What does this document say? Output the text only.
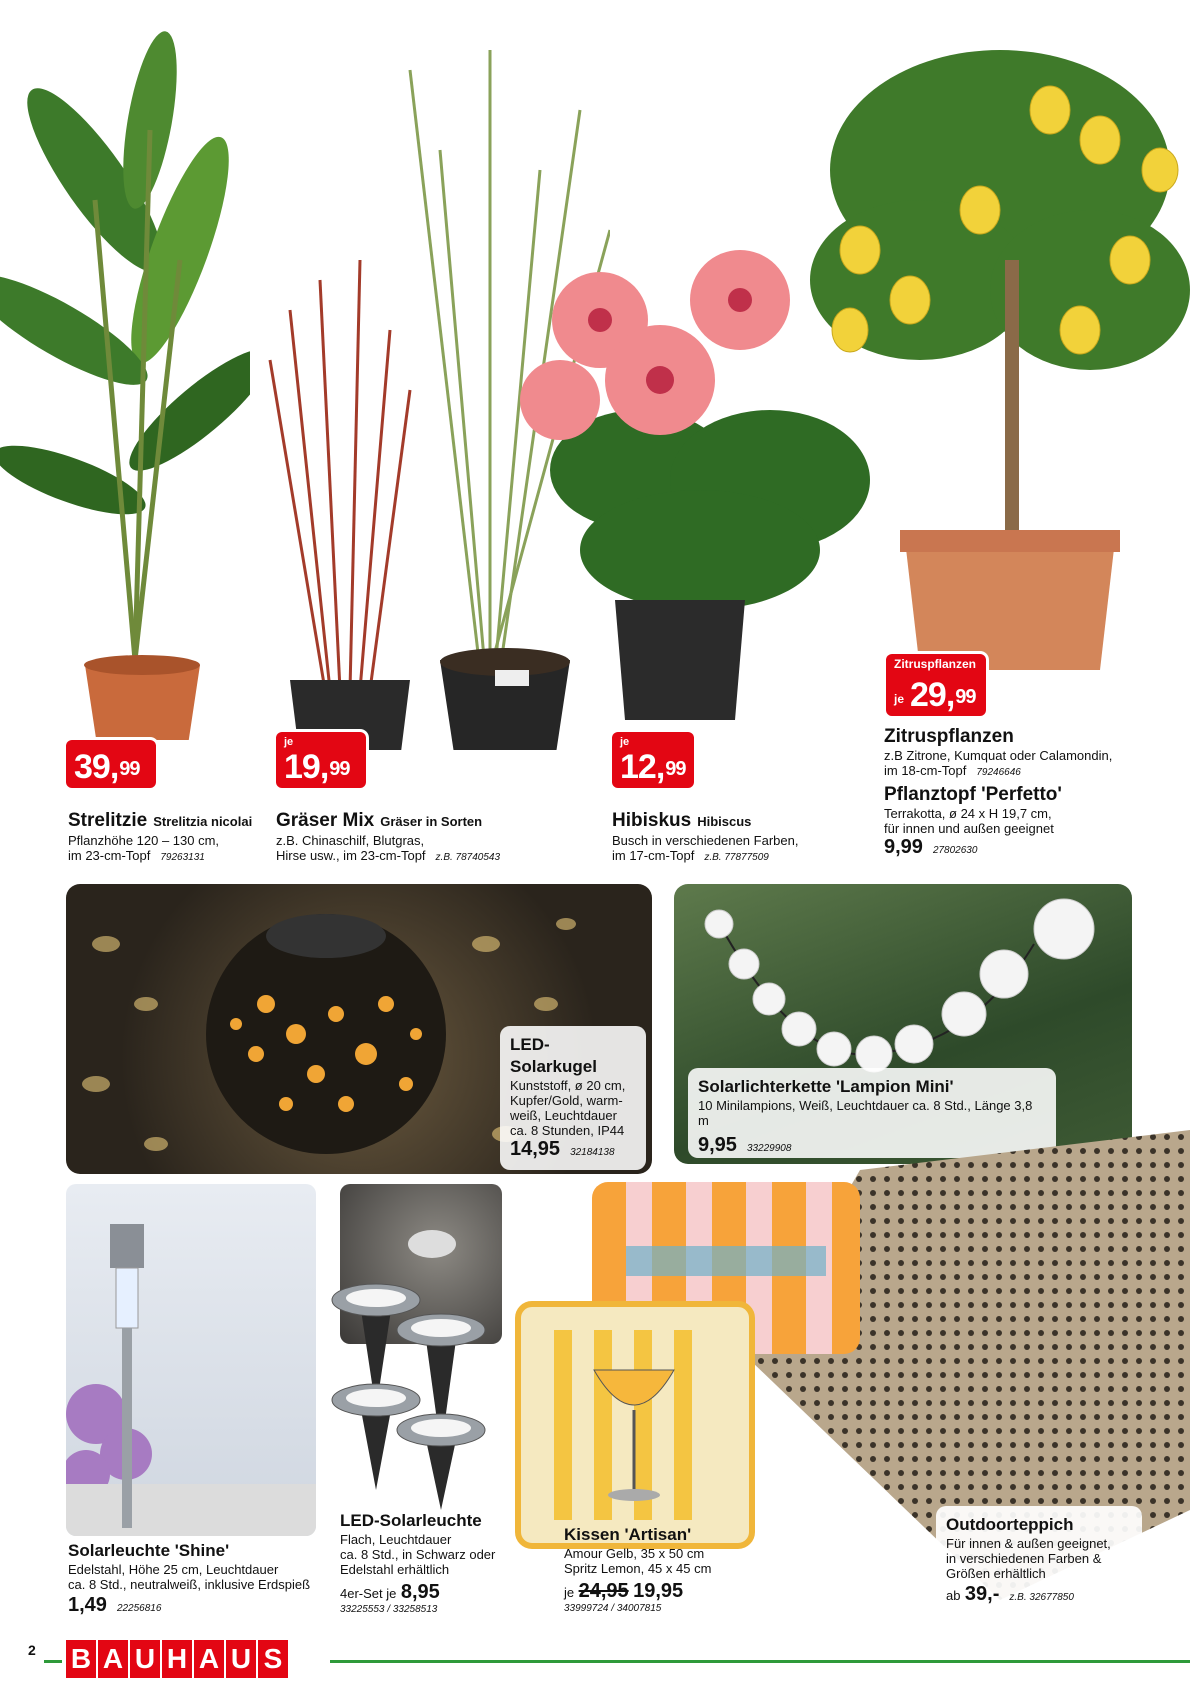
39,99
je
19,99
je
12,99
Zitruspflanzen
je 29,99
Strelitzie Strelitzia nicolai
Pflanzhöhe 120 – 130 cm,
im 23-cm-Topf 79263131
Gräser Mix Gräser in Sorten
z.B. Chinaschilf, Blutgras,
Hirse usw., im 23-cm-Topf z.B. 78740543
Hibiskus Hibiscus
Busch in verschiedenen Farben,
im 17-cm-Topf z.B. 77877509
Zitruspflanzen
z.B Zitrone, Kumquat oder Calamondin,
im 18-cm-Topf 79246646
Pflanztopf 'Perfetto'
Terrakotta, ø 24 x H 19,7 cm,
für innen und außen geeignet
9,99 27802630
LED-Solarkugel
Kunststoff, ø 20 cm,
Kupfer/Gold, warm-
weiß, Leuchtdauer
ca. 8 Stunden, IP44
14,95 32184138
Solarlichterkette 'Lampion Mini'
10 Minilampions, Weiß, Leuchtdauer ca. 8 Std., Länge 3,8 m
9,95 33229908
Solarleuchte 'Shine'
Edelstahl, Höhe 25 cm, Leuchtdauer
ca. 8 Std., neutralweiß, inklusive Erdspieß
1,49 22256816
LED-Solarleuchte
Flach, Leuchtdauer
ca. 8 Std., in Schwarz oder
Edelstahl erhältlich
4er-Set je 8,95
33225553 / 33258513
Kissen 'Artisan'
Amour Gelb, 35 x 50 cm
Spritz Lemon, 45 x 45 cm
je 24,95 19,95
33999724 / 34007815
Outdoorteppich
Für innen & außen geeignet,
in verschiedenen Farben &
Größen erhältlich
ab 39,- z.B. 32677850
2 B A U H A U S
